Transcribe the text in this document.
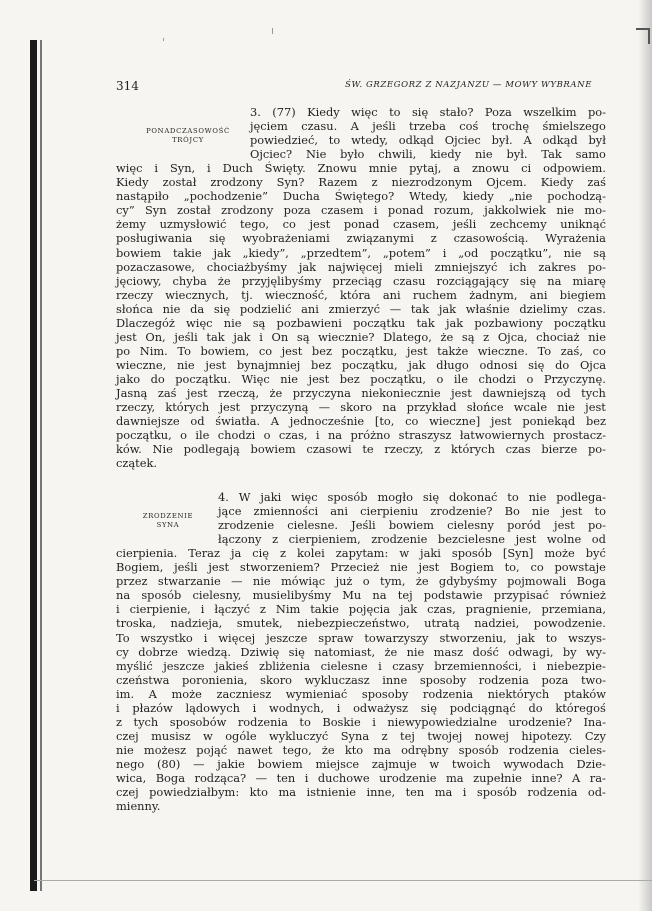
314	ŚW. GRZEGORZ Z NAZJANZU — MOWY WYBRANE
PONADCZASOWOŚĆ
TRÓJCY
ZRODZENIE
SYNA
3. (77) Kiedy więc to się stało? Poza wszelkim po-
jęciem czasu. A jeśli trzeba coś trochę śmielszego
powiedzieć, to wtedy, odkąd Ojciec był. A odkąd był
Ojciec? Nie było chwili, kiedy nie był. Tak samo
więc i Syn, i Duch Święty. Znowu mnie pytaj, a znowu ci odpowiem.
Kiedy został zrodzony Syn? Razem z niezrodzonym Ojcem. Kiedy zaś
nastąpiło „pochodzenie” Ducha Świętego? Wtedy, kiedy „nie pochodzą-
cy” Syn został zrodzony poza czasem i ponad rozum, jakkolwiek nie mo-
żemy uzmysłowić tego, co jest ponad czasem, jeśli zechcemy uniknąć
posługiwania się wyobrażeniami związanymi z czasowością. Wyrażenia
bowiem takie jak „kiedy”, „przedtem”, „potem” i „od początku”, nie są
pozaczasowe, chociażbyśmy jak najwięcej mieli zmniejszyć ich zakres po-
jęciowy, chyba że przyjęlibyśmy przeciąg czasu rozciągający się na miarę
rzeczy wiecznych, tj. wieczność, która ani ruchem żadnym, ani biegiem
słońca nie da się podzielić ani zmierzyć — tak jak właśnie dzielimy czas.
Dlaczegóż więc nie są pozbawieni początku tak jak pozbawiony początku
jest On, jeśli tak jak i On są wiecznie? Dlatego, że są z Ojca, chociaż nie
po Nim. To bowiem, co jest bez początku, jest także wieczne. To zaś, co
wieczne, nie jest bynajmniej bez początku, jak długo odnosi się do Ojca
jako do początku. Więc nie jest bez początku, o ile chodzi o Przyczynę.
Jasną zaś jest rzeczą, że przyczyna niekoniecznie jest dawniejszą od tych
rzeczy, których jest przyczyną — skoro na przykład słońce wcale nie jest
dawniejsze od światła. A jednocześnie [to, co wieczne] jest poniekąd bez
początku, o ile chodzi o czas, i na próżno straszysz łatwowiernych prostacz-
ków. Nie podlegają bowiem czasowi te rzeczy, z których czas bierze po-
czątek.
4. W jaki więc sposób mogło się dokonać to nie podlega-
jące zmienności ani cierpieniu zrodzenie? Bo nie jest to
zrodzenie cielesne. Jeśli bowiem cielesny poród jest po-
łączony z cierpieniem, zrodzenie bezcielesne jest wolne od
cierpienia. Teraz ja cię z kolei zapytam: w jaki sposób [Syn] może być
Bogiem, jeśli jest stworzeniem? Przecież nie jest Bogiem to, co powstaje
przez stwarzanie — nie mówiąc już o tym, że gdybyśmy pojmowali Boga
na sposób cielesny, musielibyśmy Mu na tej podstawie przypisać również
i cierpienie, i łączyć z Nim takie pojęcia jak czas, pragnienie, przemiana,
troska, nadzieja, smutek, niebezpieczeństwo, utratą nadziei, powodzenie.
To wszystko i więcej jeszcze spraw towarzyszy stworzeniu, jak to wszys-
cy dobrze wiedzą. Dziwię się natomiast, że nie masz dość odwagi, by wy-
myślić jeszcze jakieś zbliżenia cielesne i czasy brzemienności, i niebezpie-
czeństwa poronienia, skoro wykluczasz inne sposoby rodzenia poza two-
im. A może zaczniesz wymieniać sposoby rodzenia niektórych ptaków
i płazów lądowych i wodnych, i odważysz się podciągnąć do któregoś
z tych sposobów rodzenia to Boskie i niewypowiedzialne urodzenie? Ina-
czej musisz w ogóle wykluczyć Syna z tej twojej nowej hipotezy. Czy
nie możesz pojąć nawet tego, że kto ma odrębny sposób rodzenia cieles-
nego (80) — jakie bowiem miejsce zajmuje w twoich wywodach Dzie-
wica, Boga rodząca? — ten i duchowe urodzenie ma zupełnie inne? A ra-
czej powiedziałbym: kto ma istnienie inne, ten ma i sposób rodzenia od-
mienny.
